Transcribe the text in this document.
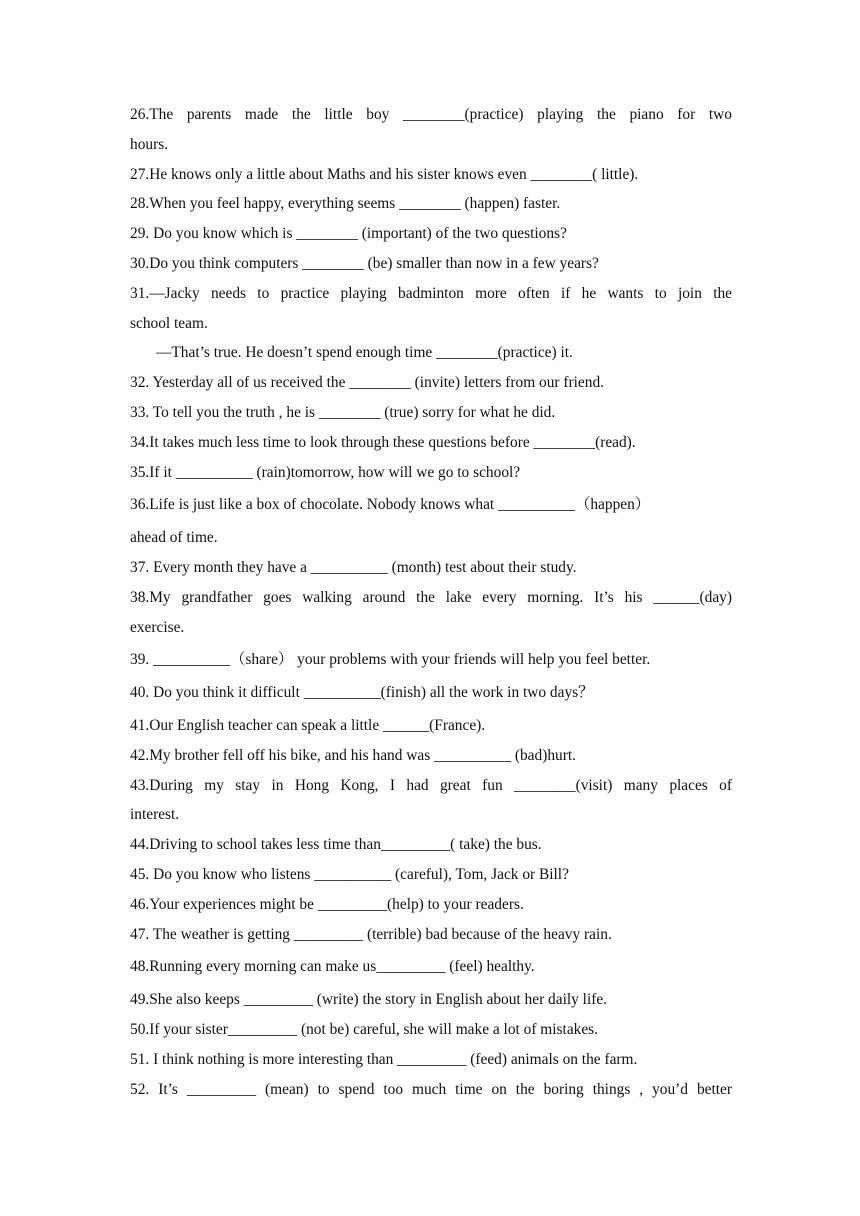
26.The parents made the little boy ________(practice) playing the piano for two
hours.
27.He knows only a little about Maths and his sister knows even ________( little).
28.When you feel happy, everything seems ________ (happen) faster.
29. Do you know which is ________ (important) of the two questions?
30.Do you think computers ________ (be) smaller than now in a few years?
31.—Jacky needs to practice playing badminton more often if he wants to join the
school team.
—That’s true. He doesn’t spend enough time ________(practice) it.
32. Yesterday all of us received the ________ (invite) letters from our friend.
33. To tell you the truth , he is ________ (true) sorry for what he did.
34.It takes much less time to look through these questions before ________(read).
35.If it __________ (rain)tomorrow, how will we go to school?
36.Life is just like a box of chocolate. Nobody knows what __________（happen）
ahead of time.
37. Every month they have a __________ (month) test about their study.
38.My grandfather goes walking around the lake every morning. It’s his ______(day)
exercise.
39. __________（share） your problems with your friends will help you feel better.
40. Do you think it difficult __________(finish) all the work in two days？
41.Our English teacher can speak a little ______(France).
42.My brother fell off his bike, and his hand was __________ (bad)hurt.
43.During my stay in Hong Kong, I had great fun ________(visit) many places of
interest.
44.Driving to school takes less time than_________( take) the bus.
45. Do you know who listens __________ (careful), Tom, Jack or Bill?
46.Your experiences might be _________(help) to your readers.
47. The weather is getting _________ (terrible) bad because of the heavy rain.
48.Running every morning can make us_________ (feel) healthy.
49.She also keeps _________ (write) the story in English about her daily life.
50.If your sister_________ (not be) careful, she will make a lot of mistakes.
51. I think nothing is more interesting than _________ (feed) animals on the farm.
52. It’s _________ (mean) to spend too much time on the boring things , you’d better
